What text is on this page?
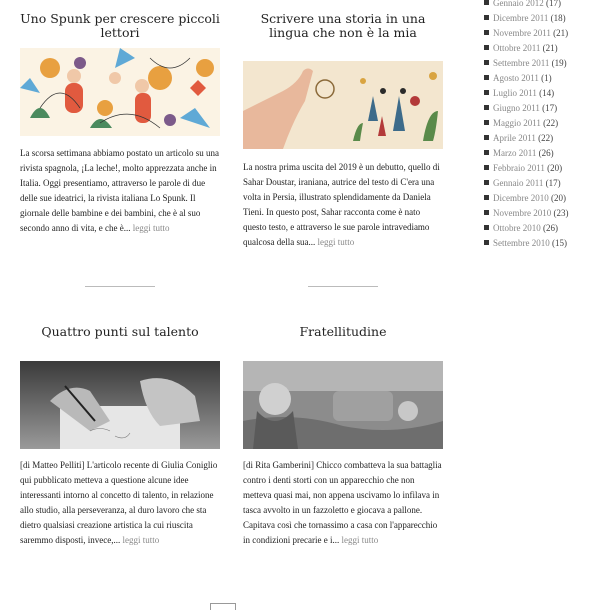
Uno Spunk per crescere piccoli lettori

La scorsa settimana abbiamo postato un articolo su una rivista spagnola, ¡La leche!, molto apprezzata anche in Italia. Oggi presentiamo, attraverso le parole di due delle sue ideatrici, la rivista italiana Lo Spunk. Il giornale delle bambine e dei bambini, che è al suo secondo anno di vita, e che è... leggi tutto

Scrivere una storia in una lingua che non è la mia

La nostra prima uscita del 2019 è un debutto, quello di Sahar Doustar, iraniana, autrice del testo di C'era una volta in Persia, illustrato splendidamente da Daniela Tieni. In questo post, Sahar racconta come è nato questo testo, e attraverso le sue parole intravediamo qualcosa della sua... leggi tutto

Quattro punti sul talento

[di Matteo Pelliti] L'articolo recente di Giulia Coniglio qui pubblicato metteva a questione alcune idee interessanti intorno al concetto di talento, in relazione allo studio, alla perseveranza, al duro lavoro che sta dietro qualsiasi creazione artistica la cui riuscita saremmo disposti, invece,... leggi tutto

Fratellitudine

[di Rita Gamberini] Chicco combatteva la sua battaglia contro i denti storti con un apparecchio che non metteva quasi mai, non appena uscivamo lo infilava in tasca avvolto in un fazzoletto e giocava a pallone. Capitava così che tornassimo a casa con l'apparecchio in condizioni precarie e i... leggi tutto

Gennaio 2012 (17)
Dicembre 2011 (18)
Novembre 2011 (21)
Ottobre 2011 (21)
Settembre 2011 (19)
Agosto 2011 (1)
Luglio 2011 (14)
Giugno 2011 (17)
Maggio 2011 (22)
Aprile 2011 (22)
Marzo 2011 (26)
Febbraio 2011 (20)
Gennaio 2011 (17)
Dicembre 2010 (20)
Novembre 2010 (23)
Ottobre 2010 (26)
Settembre 2010 (15)
